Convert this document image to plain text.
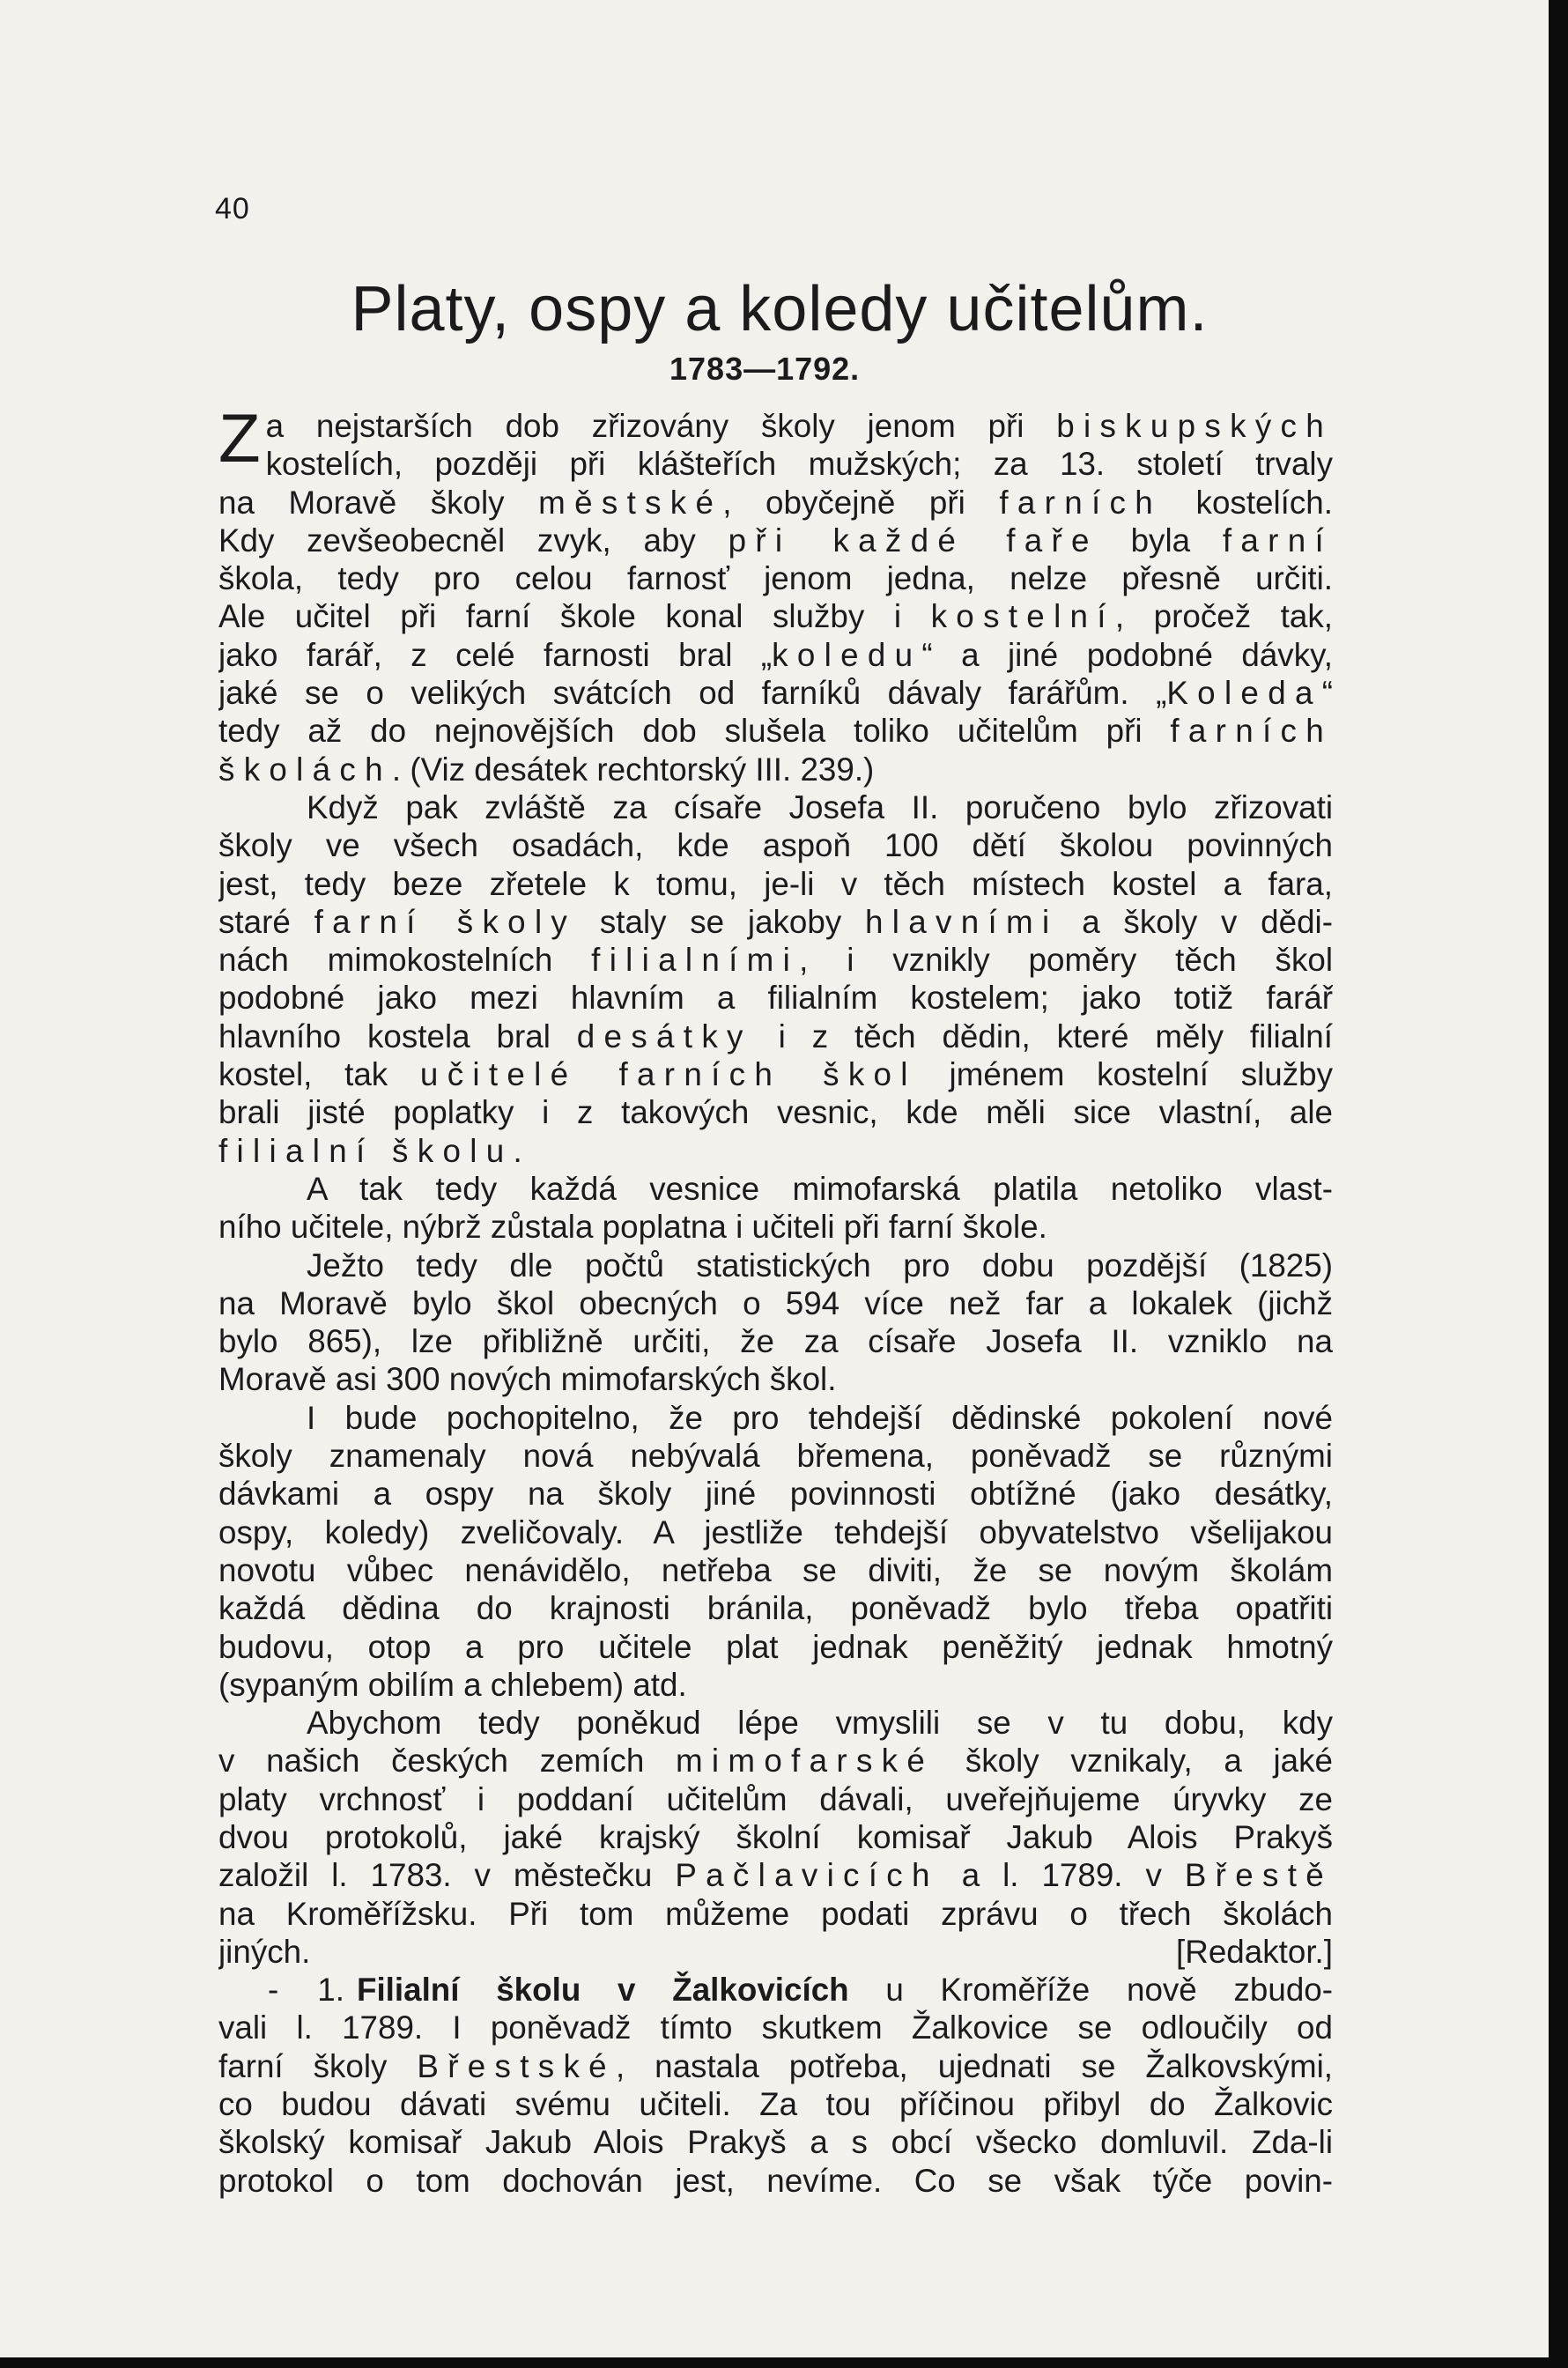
40
Platy, ospy a koledy učitelům.
1783—1792.
Z a nejstarších dob zřizovány školy jenom při biskupských
kostelích, později při klášteřích mužských; za 13. století trvaly
na Moravě školy městské, obyčejně při farních kostelích.
Kdy zevšeobecněl zvyk, aby při každé faře byla farní
škola, tedy pro celou farnosť jenom jedna, nelze přesně určiti.
Ale učitel při farní škole konal služby i kostelní, pročež tak,
jako farář, z celé farnosti bral „koledu“ a jiné podobné dávky,
jaké se o velikých svátcích od farníků dávaly farářům. „Koleda“
tedy až do nejnovějších dob slušela toliko učitelům při farních
školách. (Viz desátek rechtorský III. 239.)
Když pak zvláště za císaře Josefa II. poručeno bylo zřizovati
školy ve všech osadách, kde aspoň 100 dětí školou povinných
jest, tedy beze zřetele k tomu, je-li v těch místech kostel a fara,
staré farní školy staly se jakoby hlavními a školy v dědi-
nách mimokostelních filialními, i vznikly poměry těch škol
podobné jako mezi hlavním a filialním kostelem; jako totiž farář
hlavního kostela bral desátky i z těch dědin, které měly filialní
kostel, tak učitelé farních škol jménem kostelní služby
brali jisté poplatky i z takových vesnic, kde měli sice vlastní, ale
filialní školu.
A tak tedy každá vesnice mimofarská platila netoliko vlast-
ního učitele, nýbrž zůstala poplatna i učiteli při farní škole.
Ježto tedy dle počtů statistických pro dobu pozdější (1825)
na Moravě bylo škol obecných o 594 více než far a lokalek (jichž
bylo 865), lze přibližně určiti, že za císaře Josefa II. vzniklo na
Moravě asi 300 nových mimofarských škol.
I bude pochopitelno, že pro tehdejší dědinské pokolení nové
školy znamenaly nová nebývalá břemena, poněvadž se různými
dávkami a ospy na školy jiné povinnosti obtížné (jako desátky,
ospy, koledy) zveličovaly. A jestliže tehdejší obyvatelstvo všelijakou
novotu vůbec nenávidělo, netřeba se diviti, že se novým školám
každá dědina do krajnosti bránila, poněvadž bylo třeba opatřiti
budovu, otop a pro učitele plat jednak peněžitý jednak hmotný
(sypaným obilím a chlebem) atd.
Abychom tedy poněkud lépe vmyslili se v tu dobu, kdy
v našich českých zemích mimofarské školy vznikaly, a jaké
platy vrchnosť i poddaní učitelům dávali, uveřejňujeme úryvky ze
dvou protokolů, jaké krajský školní komisař Jakub Alois Prakyš
založil l. 1783. v městečku Pačlavicích a l. 1789. v Břestě
na Kroměřížsku. Při tom můžeme podati zprávu o třech školách
jiných.	[Redaktor.]
- 1. Filialní školu v Žalkovicích u Kroměříže nově zbudo-
vali l. 1789. I poněvadž tímto skutkem Žalkovice se odloučily od
farní školy Břestské, nastala potřeba, ujednati se Žalkovskými,
co budou dávati svému učiteli. Za tou příčinou přibyl do Žalkovic
školský komisař Jakub Alois Prakyš a s obcí všecko domluvil. Zda-li
protokol o tom dochován jest, nevíme. Co se však týče povin-
